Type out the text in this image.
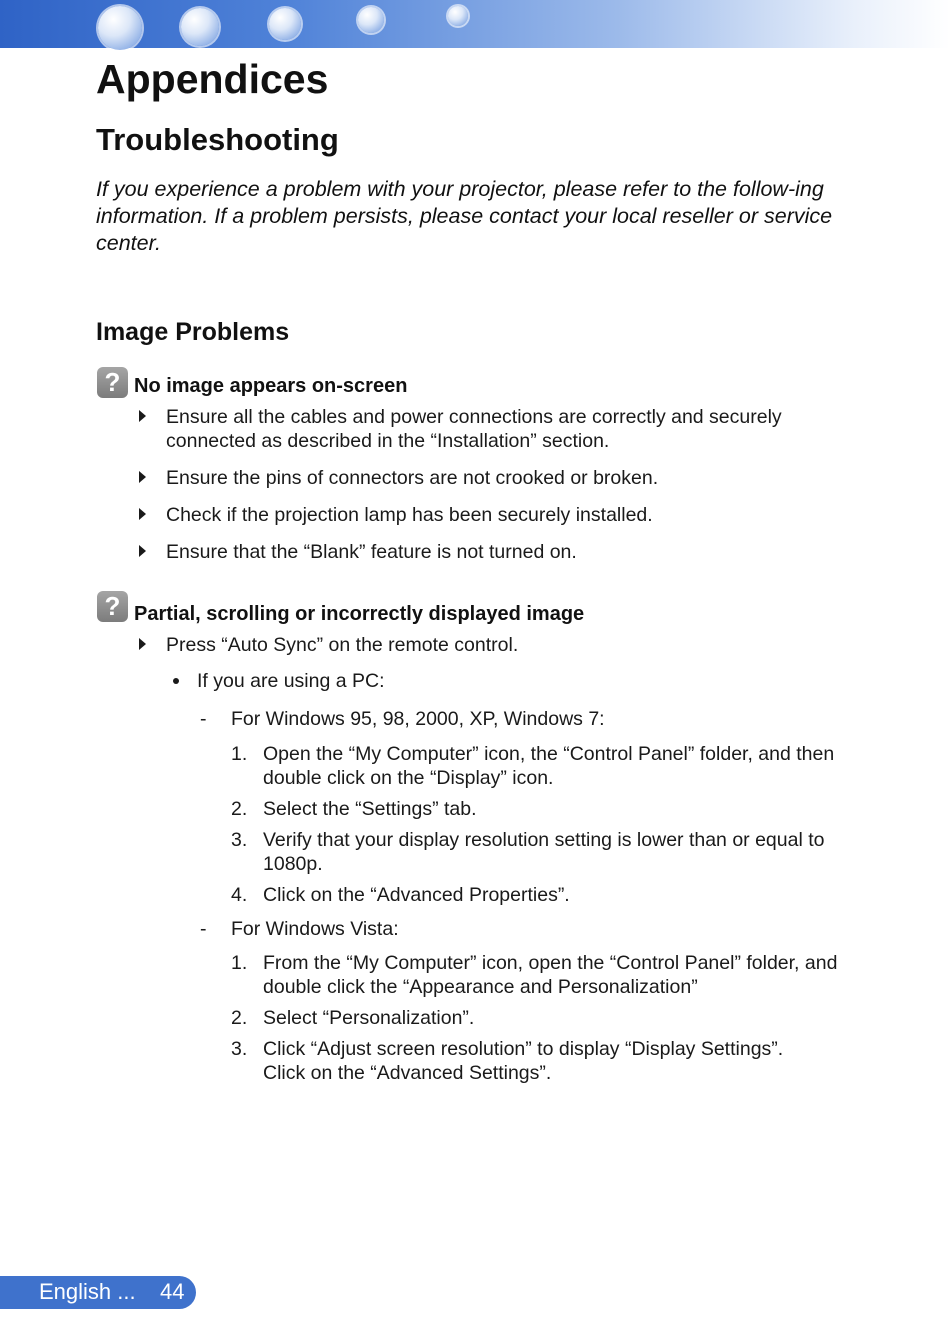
Appendices
Troubleshooting

If you experience a problem with your projector, please refer to the follow-ing information. If a problem persists, please contact your local reseller or service center.

Image Problems
? No image appears on-screen
Ensure all the cables and power connections are correctly and securely connected as described in the “Installation” section.
Ensure the pins of connectors are not crooked or broken.
Check if the projection lamp has been securely installed.
Ensure that the “Blank” feature is not turned on.
? Partial, scrolling or incorrectly displayed image
Press “Auto Sync” on the remote control.
If you are using a PC:
- For Windows 95, 98, 2000, XP, Windows 7:
1. Open the “My Computer” icon, the “Control Panel” folder, and then double click on the “Display” icon.
2. Select the “Settings” tab.
3. Verify that your display resolution setting is lower than or equal to 1080p.
4. Click on the “Advanced Properties”.
- For Windows Vista:
1. From the “My Computer” icon, open the “Control Panel” folder, and double click the “Appearance and Personalization”
2. Select “Personalization”.
3. Click “Adjust screen resolution” to display “Display Settings”. Click on the “Advanced Settings”.
English ... 44
